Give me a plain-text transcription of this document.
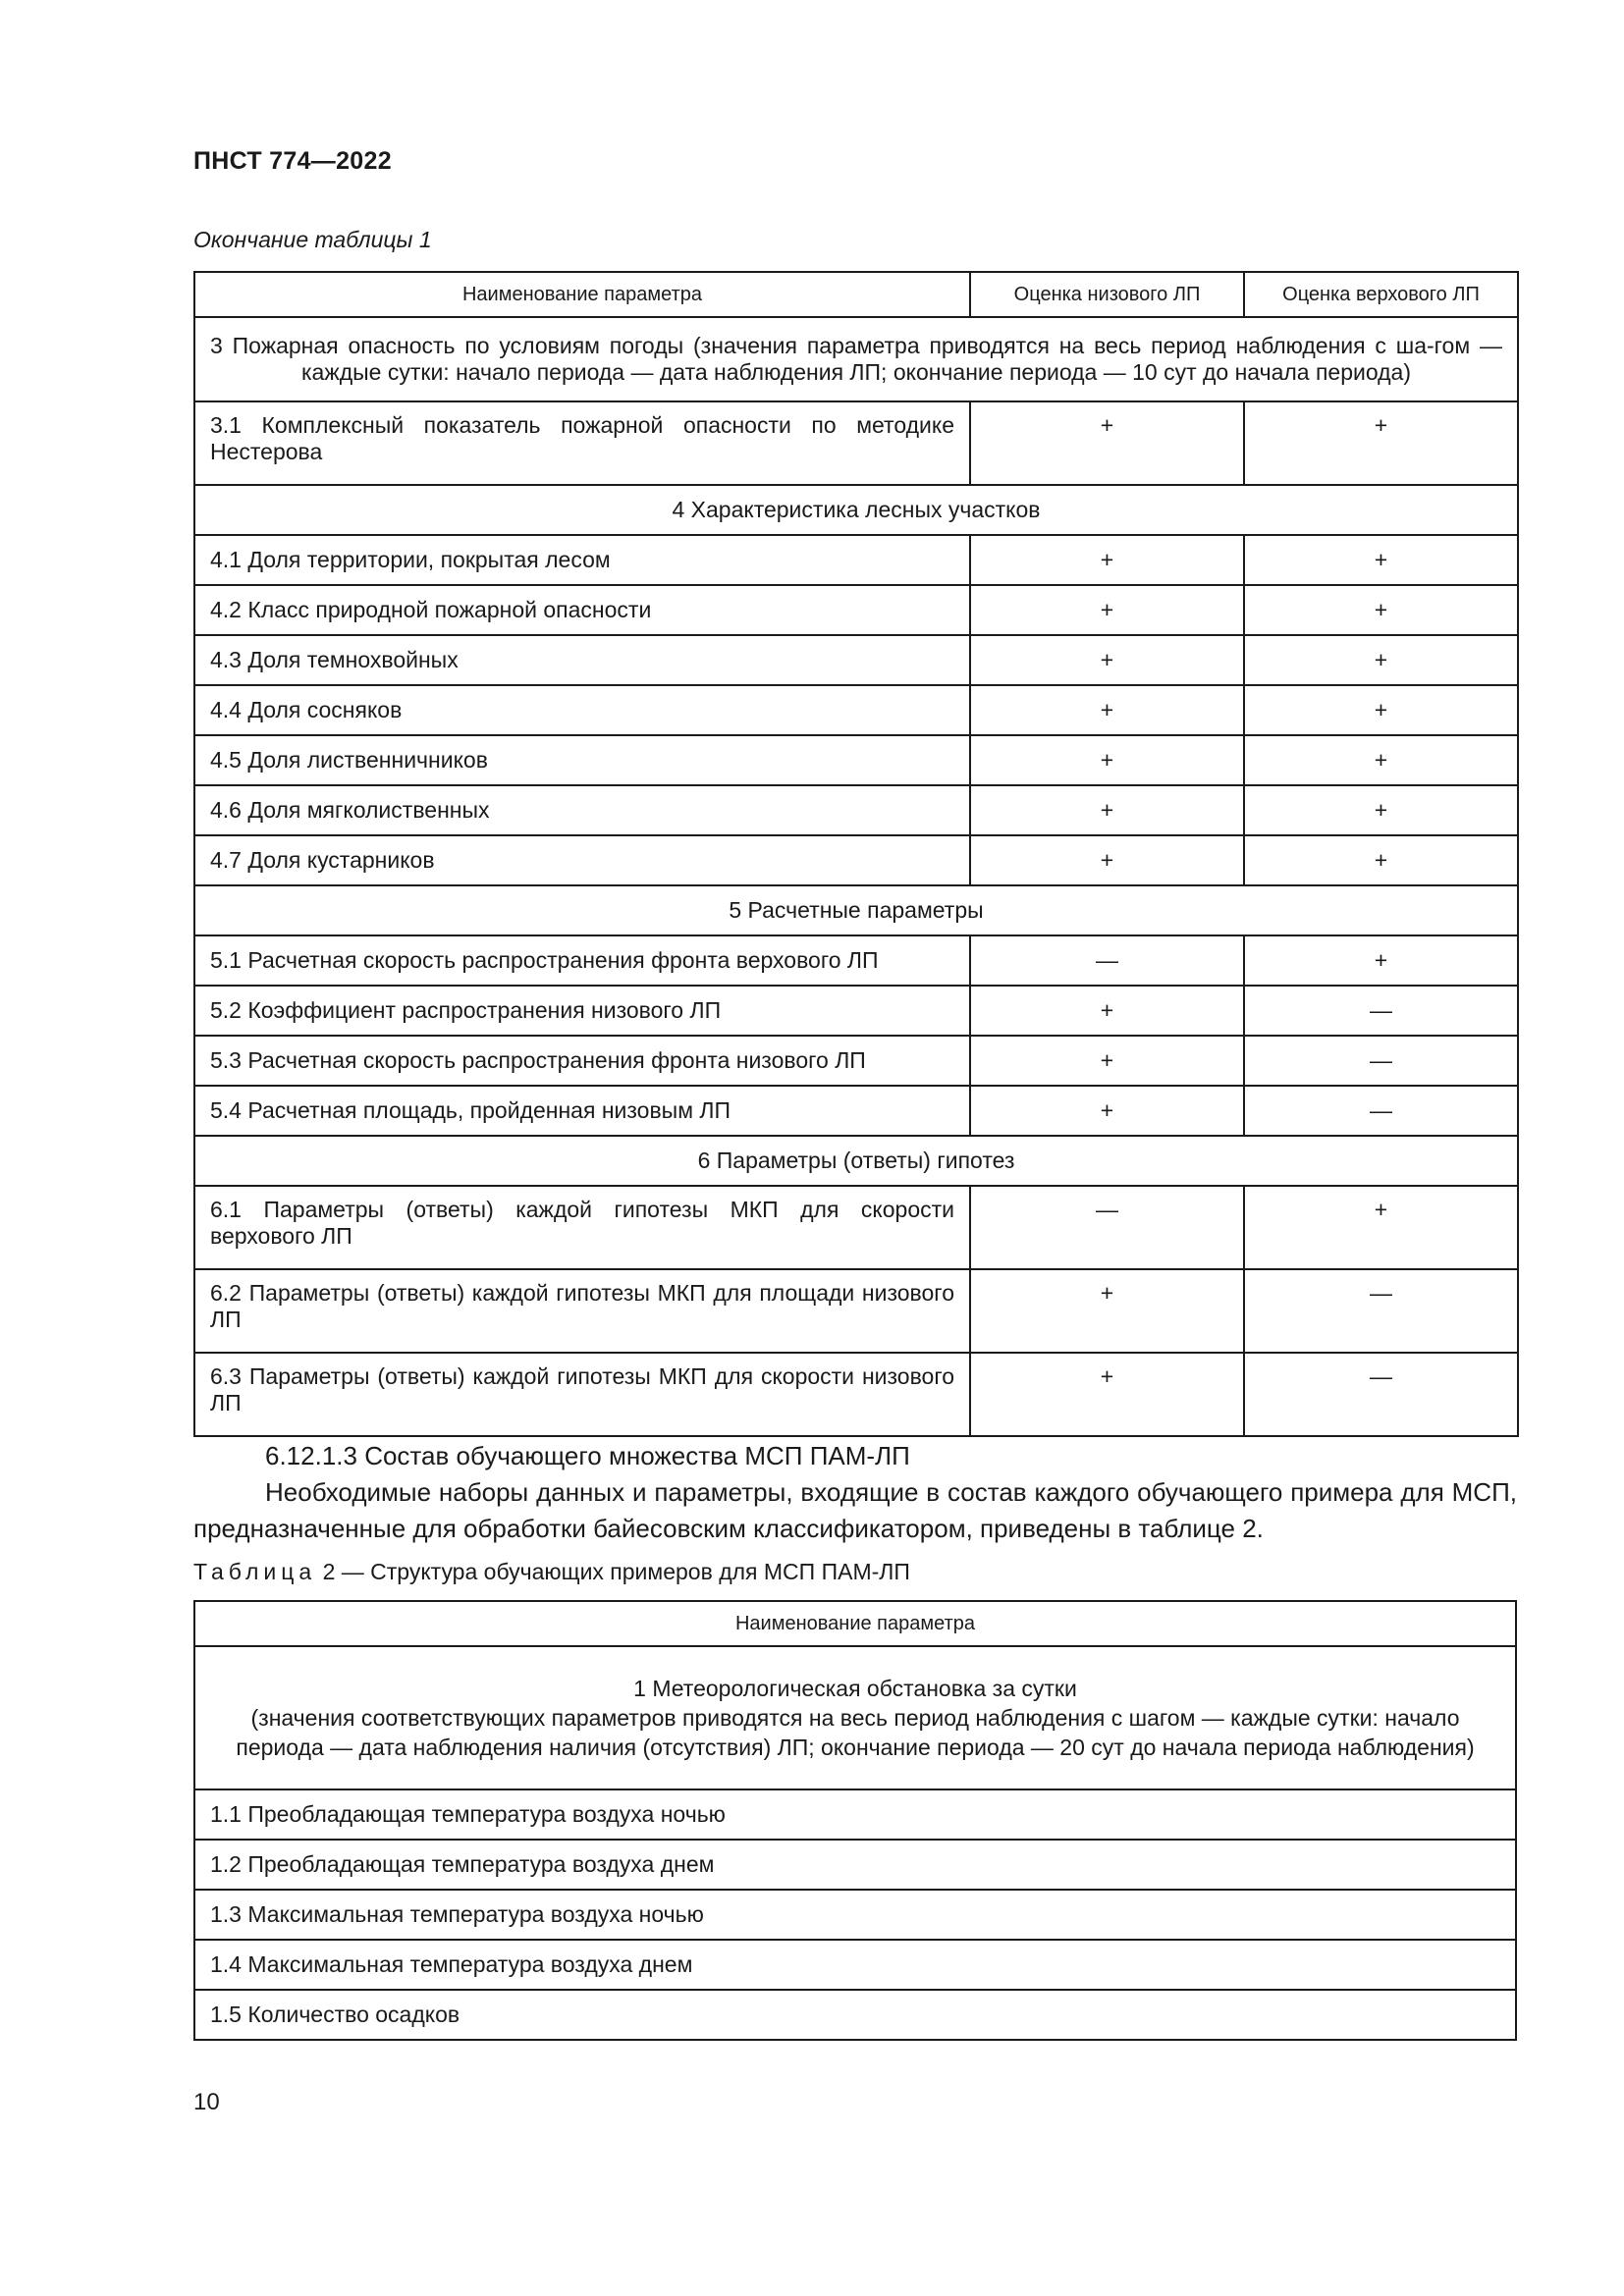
ПНСТ 774—2022
Окончание таблицы 1
Наименование параметра	Оценка низового ЛП	Оценка верхового ЛП
3 Пожарная опасность по условиям погоды (значения параметра приводятся на весь период наблюдения с ша-гом — каждые сутки: начало периода — дата наблюдения ЛП; окончание периода — 10 сут до начала периода)		
3.1 Комплексный показатель пожарной опасности по методике Нестерова	+	+
4 Характеристика лесных участков		
4.1 Доля территории, покрытая лесом	+	+
4.2 Класс природной пожарной опасности	+	+
4.3 Доля темнохвойных	+	+
4.4 Доля сосняков	+	+
4.5 Доля лиственничников	+	+
4.6 Доля мягколиственных	+	+
4.7 Доля кустарников	+	+
5 Расчетные параметры		
5.1 Расчетная скорость распространения фронта верхового ЛП	—	+
5.2 Коэффициент распространения низового ЛП	+	—
5.3 Расчетная скорость распространения фронта низового ЛП	+	—
5.4 Расчетная площадь, пройденная низовым ЛП	+	—
6 Параметры (ответы) гипотез		
6.1 Параметры (ответы) каждой гипотезы МКП для скорости верхового ЛП	—	+
6.2 Параметры (ответы) каждой гипотезы МКП для площади низового ЛП	+	—
6.3 Параметры (ответы) каждой гипотезы МКП для скорости низового ЛП	+	—
6.12.1.3 Состав обучающего множества МСП ПАМ-ЛП
Необходимые наборы данных и параметры, входящие в состав каждого обучающего примера для МСП, предназначенные для обработки байесовским классификатором, приведены в таблице 2.
Таблица 2 — Структура обучающих примеров для МСП ПАМ-ЛП
Наименование параметра

1 Метеорологическая обстановка за сутки
(значения соответствующих параметров приводятся на весь период наблюдения с шагом — каждые сутки: начало периода — дата наблюдения наличия (отсутствия) ЛП; окончание периода — 20 сут до начала периода наблюдения)

1.1 Преобладающая температура воздуха ночью
1.2 Преобладающая температура воздуха днем
1.3 Максимальная температура воздуха ночью
1.4 Максимальная температура воздуха днем
1.5 Количество осадков
10
